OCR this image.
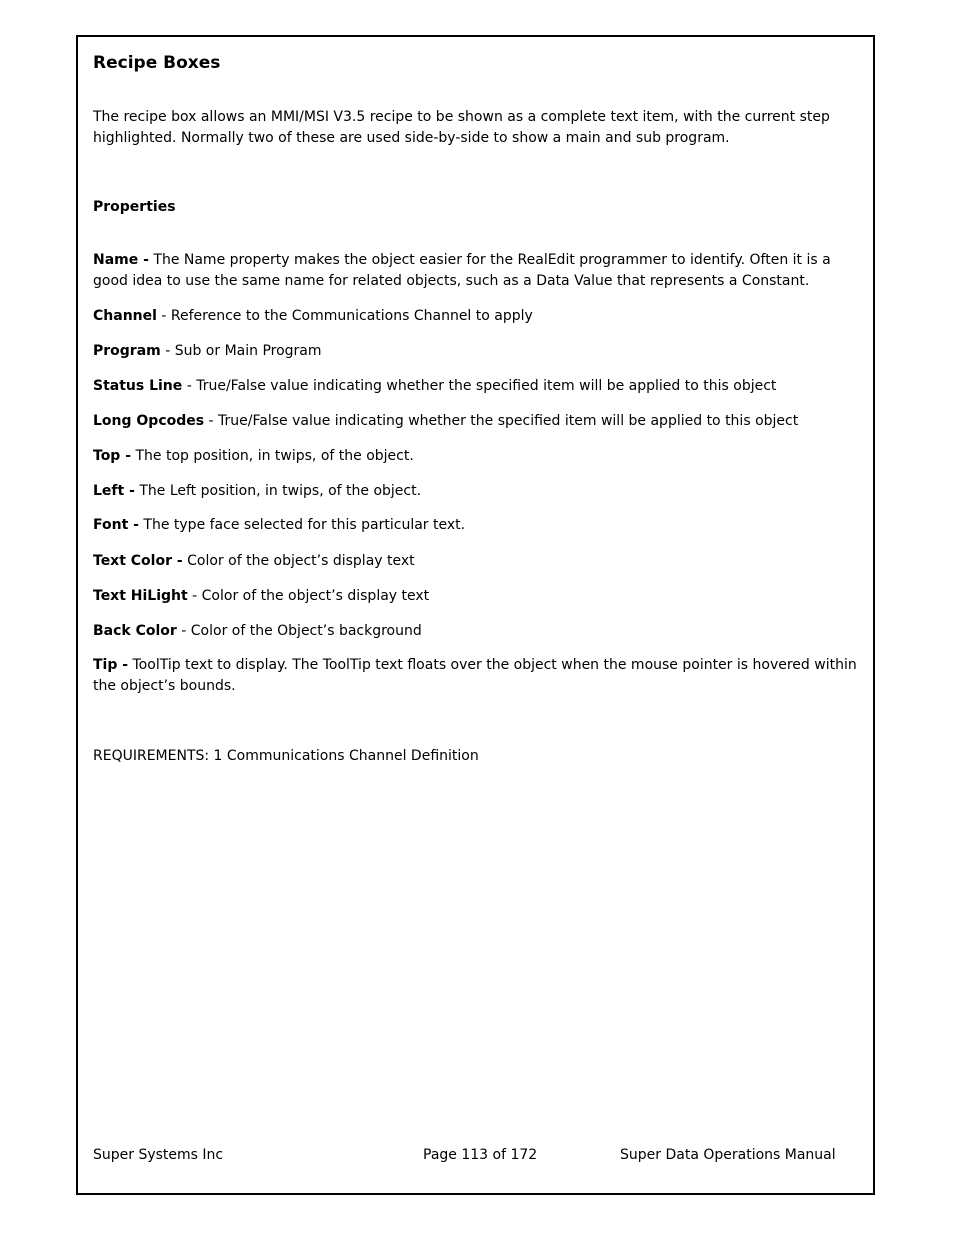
Recipe Boxes

The recipe box allows an MMI/MSI V3.5 recipe to be shown as a complete text item, with the current step highlighted. Normally two of these are used side-by-side to show a main and sub program.

Properties

Name - The Name property makes the object easier for the RealEdit programmer to identify. Often it is a good idea to use the same name for related objects, such as a Data Value that represents a Constant.

Channel - Reference to the Communications Channel to apply

Program - Sub or Main Program

Status Line - True/False value indicating whether the specified item will be applied to this object

Long Opcodes - True/False value indicating whether the specified item will be applied to this object

Top - The top position, in twips, of the object.

Left - The Left position, in twips, of the object.

Font - The type face selected for this particular text.

Text Color - Color of the object’s display text

Text HiLight - Color of the object’s display text

Back Color - Color of the Object’s background

Tip - ToolTip text to display. The ToolTip text floats over the object when the mouse pointer is hovered within the object’s bounds.

REQUIREMENTS: 1 Communications Channel Definition

Super Systems Inc	Page 113 of 172	Super Data Operations Manual
